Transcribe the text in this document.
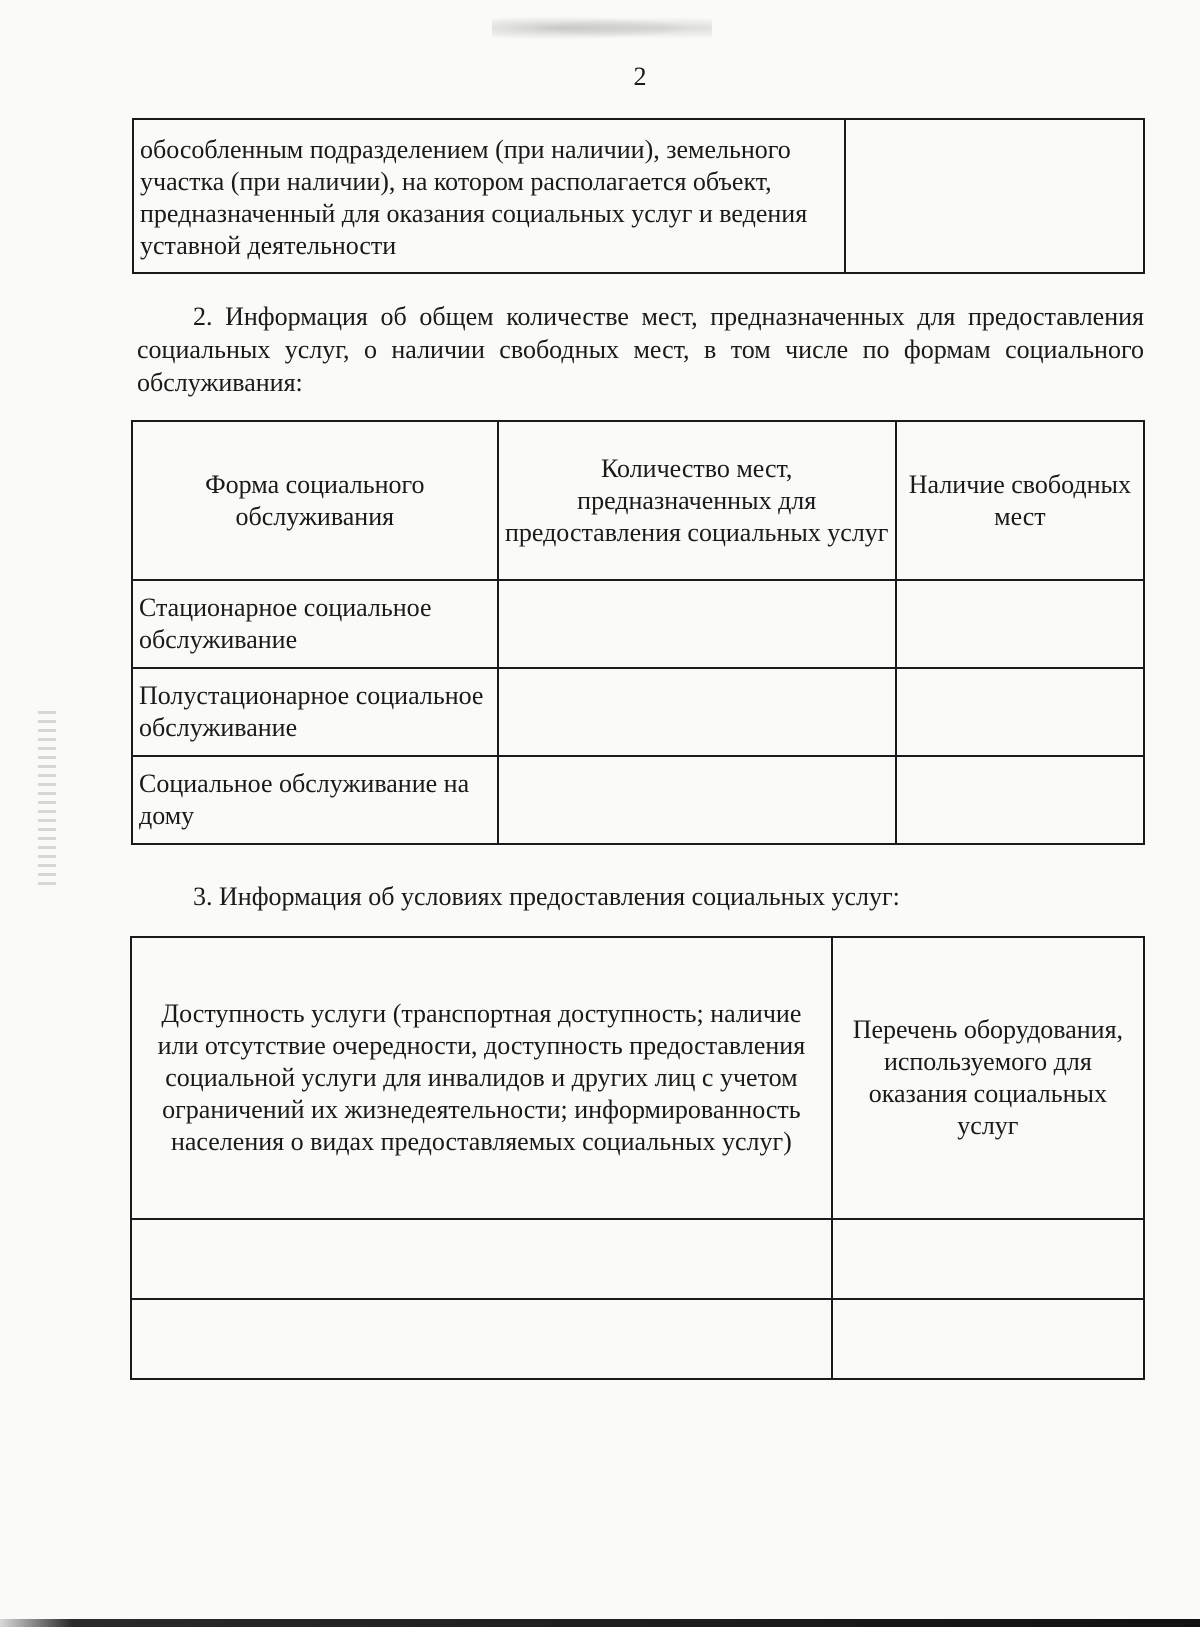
2
обособленным подразделением (при наличии), земельного участка (при наличии), на котором располагается объект, предназначенный для оказания социальных услуг и ведения уставной деятельности	
2. Информация об общем количестве мест, предназначенных для предоставления социальных услуг, о наличии свободных мест, в том числе по формам социального обслуживания:
Форма социального обслуживания	Количество мест, предназначенных для предоставления социальных услуг	Наличие свободных мест
Стационарное социальное обслуживание		
Полустационарное социальное обслуживание		
Социальное обслуживание на дому		
3. Информация об условиях предоставления социальных услуг:
Доступность услуги (транспортная доступность; наличие или отсутствие очередности, доступность предоставления социальной услуги для инвалидов и других лиц с учетом ограничений их жизнедеятельности; информированность населения о видах предоставляемых социальных услуг)	Перечень оборудования, используемого для оказания социальных услуг
